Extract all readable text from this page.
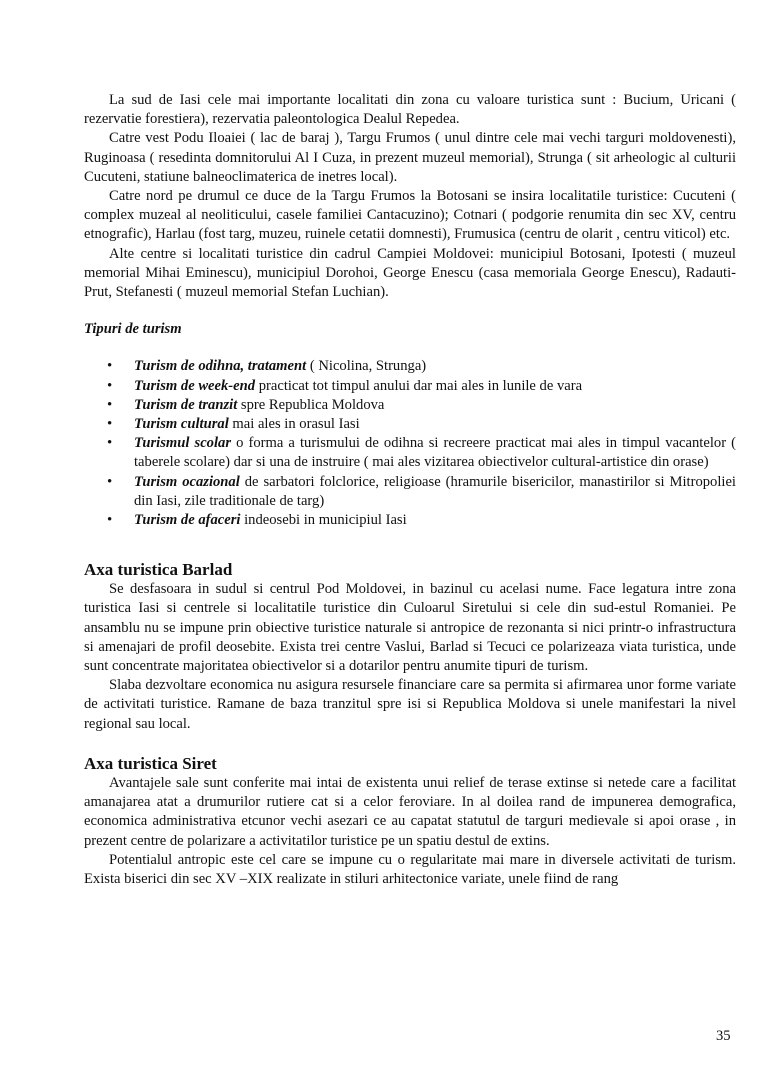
La sud de Iasi cele mai importante localitati din zona cu valoare turistica sunt : Bucium, Uricani ( rezervatie forestiera), rezervatia paleontologica Dealul Repedea.

Catre vest Podu Iloaiei ( lac de baraj ), Targu Frumos ( unul dintre cele mai vechi targuri moldovenesti), Ruginoasa ( resedinta domnitorului Al I Cuza, in prezent muzeul memorial), Strunga ( sit arheologic al culturii Cucuteni, statiune balneoclimaterica de inetres local).

Catre nord pe drumul ce duce de la Targu Frumos la Botosani se insira localitatile turistice: Cucuteni ( complex muzeal al neoliticului, casele familiei Cantacuzino); Cotnari ( podgorie renumita din sec XV, centru etnografic), Harlau (fost targ, muzeu, ruinele cetatii domnesti), Frumusica (centru de olarit , centru viticol) etc.

Alte centre si localitati turistice din cadrul Campiei Moldovei: municipiul Botosani, Ipotesti ( muzeul memorial Mihai Eminescu), municipiul Dorohoi, George Enescu (casa memoriala George Enescu), Radauti-Prut, Stefanesti ( muzeul memorial Stefan Luchian).

Tipuri de turism
• Turism de odihna, tratament ( Nicolina, Strunga)
• Turism de week-end practicat tot timpul anului dar mai ales in lunile de vara
• Turism de tranzit spre Republica Moldova
• Turism cultural mai ales in orasul Iasi
• Turismul scolar o forma a turismului de odihna si recreere practicat mai ales in timpul vacantelor ( taberele scolare) dar si una de instruire ( mai ales vizitarea obiectivelor cultural-artistice din orase)
• Turism ocazional de sarbatori folclorice, religioase (hramurile bisericilor, manastirilor si Mitropoliei din Iasi, zile traditionale de targ)
• Turism de afaceri indeosebi in municipiul Iasi
Axa turistica Barlad

Se desfasoara in sudul si centrul Pod Moldovei, in bazinul cu acelasi nume. Face legatura intre zona turistica Iasi si centrele si localitatile turistice din Culoarul Siretului si cele din sud-estul Romaniei. Pe ansamblu nu se impune prin obiective turistice naturale si antropice de rezonanta si nici printr-o infrastructura si amenajari de profil deosebite. Exista trei centre Vaslui, Barlad si Tecuci ce polarizeaza viata turistica, unde sunt concentrate majoritatea obiectivelor si a dotarilor pentru anumite tipuri de turism.

Slaba dezvoltare economica nu asigura resursele financiare care sa permita si afirmarea unor forme variate de activitati turistice. Ramane de baza tranzitul spre isi si Republica Moldova si unele manifestari la nivel regional sau local.

Axa turistica Siret

Avantajele sale sunt conferite mai intai de existenta unui relief de terase extinse si netede care a facilitat amanajarea atat a drumurilor rutiere cat si a celor feroviare. In al doilea rand de impunerea demografica, economica administrativa etcunor vechi asezari ce au capatat statutul de targuri medievale si apoi orase , in prezent centre de polarizare a activitatilor turistice pe un spatiu destul de extins.

Potentialul antropic este cel care se impune cu o regularitate mai mare in diversele activitati de turism. Exista biserici din sec XV –XIX realizate in stiluri arhitectonice variate, unele fiind de rang

35
